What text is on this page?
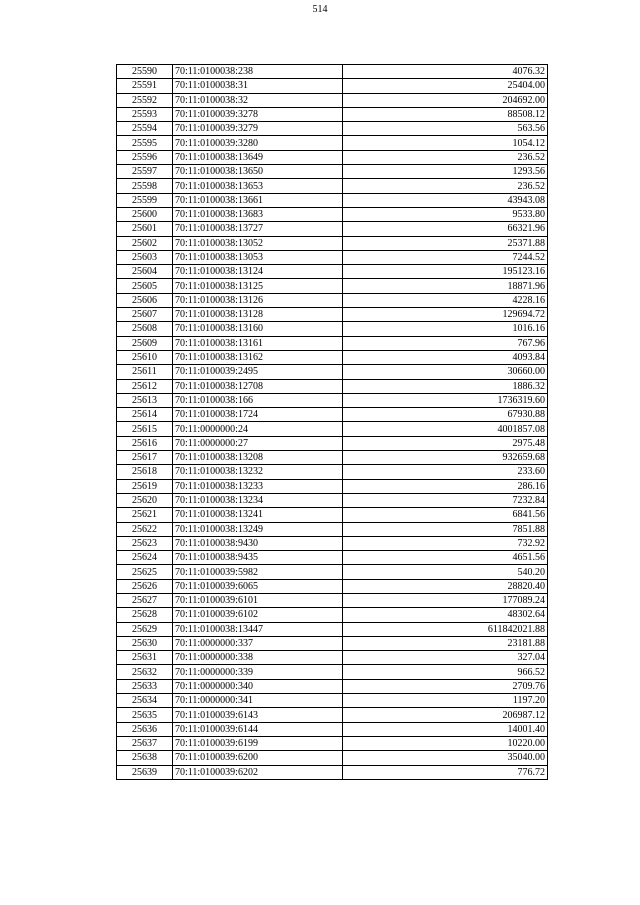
514
25590	70:11:0100038:238	4076.32
25591	70:11:0100038:31	25404.00
25592	70:11:0100038:32	204692.00
25593	70:11:0100039:3278	88508.12
25594	70:11:0100039:3279	563.56
25595	70:11:0100039:3280	1054.12
25596	70:11:0100038:13649	236.52
25597	70:11:0100038:13650	1293.56
25598	70:11:0100038:13653	236.52
25599	70:11:0100038:13661	43943.08
25600	70:11:0100038:13683	9533.80
25601	70:11:0100038:13727	66321.96
25602	70:11:0100038:13052	25371.88
25603	70:11:0100038:13053	7244.52
25604	70:11:0100038:13124	195123.16
25605	70:11:0100038:13125	18871.96
25606	70:11:0100038:13126	4228.16
25607	70:11:0100038:13128	129694.72
25608	70:11:0100038:13160	1016.16
25609	70:11:0100038:13161	767.96
25610	70:11:0100038:13162	4093.84
25611	70:11:0100039:2495	30660.00
25612	70:11:0100038:12708	1886.32
25613	70:11:0100038:166	1736319.60
25614	70:11:0100038:1724	67930.88
25615	70:11:0000000:24	4001857.08
25616	70:11:0000000:27	2975.48
25617	70:11:0100038:13208	932659.68
25618	70:11:0100038:13232	233.60
25619	70:11:0100038:13233	286.16
25620	70:11:0100038:13234	7232.84
25621	70:11:0100038:13241	6841.56
25622	70:11:0100038:13249	7851.88
25623	70:11:0100038:9430	732.92
25624	70:11:0100038:9435	4651.56
25625	70:11:0100039:5982	540.20
25626	70:11:0100039:6065	28820.40
25627	70:11:0100039:6101	177089.24
25628	70:11:0100039:6102	48302.64
25629	70:11:0100038:13447	611842021.88
25630	70:11:0000000:337	23181.88
25631	70:11:0000000:338	327.04
25632	70:11:0000000:339	966.52
25633	70:11:0000000:340	2709.76
25634	70:11:0000000:341	1197.20
25635	70:11:0100039:6143	206987.12
25636	70:11:0100039:6144	14001.40
25637	70:11:0100039:6199	10220.00
25638	70:11:0100039:6200	35040.00
25639	70:11:0100039:6202	776.72
